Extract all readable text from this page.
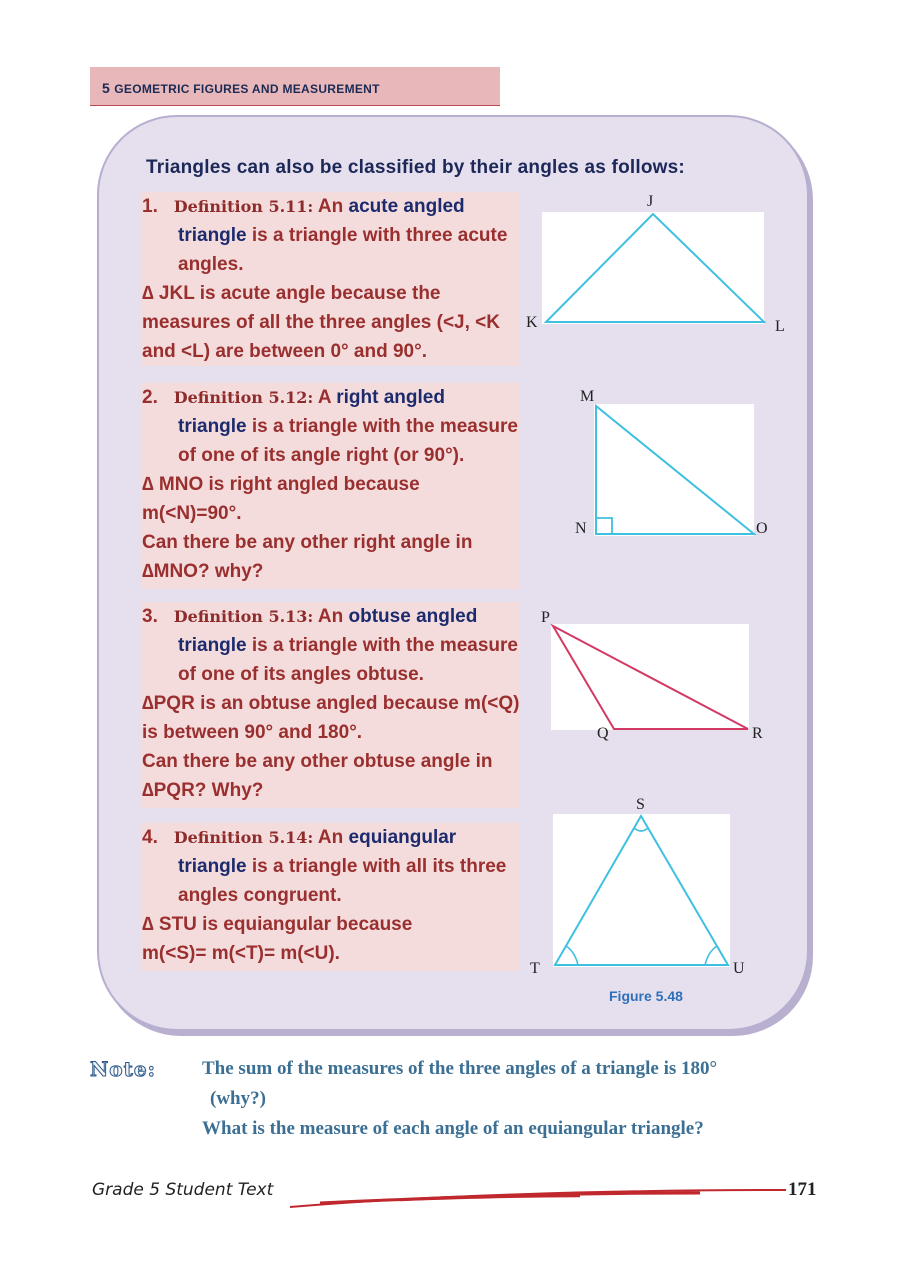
5 GEOMETRIC FIGURES AND MEASUREMENT
Triangles can also be classified by their angles as follows:

1. Definition 5.11: An acute angled

triangle is a triangle with three acute

angles.

∆ JKL is acute angle because the

measures of all the three angles (<J, <K

and <L) are between 0° and 90°.

2. Definition 5.12: A right angled

triangle is a triangle with the measure

of one of its angle right (or 90°).

∆ MNO is right angled because

m(<N)=90°.

Can there be any other right angle in

∆MNO? why?

3. Definition 5.13: An obtuse angled

triangle is a triangle with the measure

of one of its angles obtuse.

∆PQR is an obtuse angled because m(<Q)

is between 90° and 180°.

Can there be any other obtuse angle in

∆PQR? Why?

4. Definition 5.14: An equiangular

triangle is a triangle with all its three

angles congruent.

∆ STU is equiangular because

m(<S)= m(<T)= m(<U).

J
K	L
M
N	O
P
Q	R
S
T	U
Figure 5.48
Note: The sum of the measures of the three angles of a triangle is 180°
(why?)
What is the measure of each angle of an equiangular triangle?
Grade 5 Student Text	171
